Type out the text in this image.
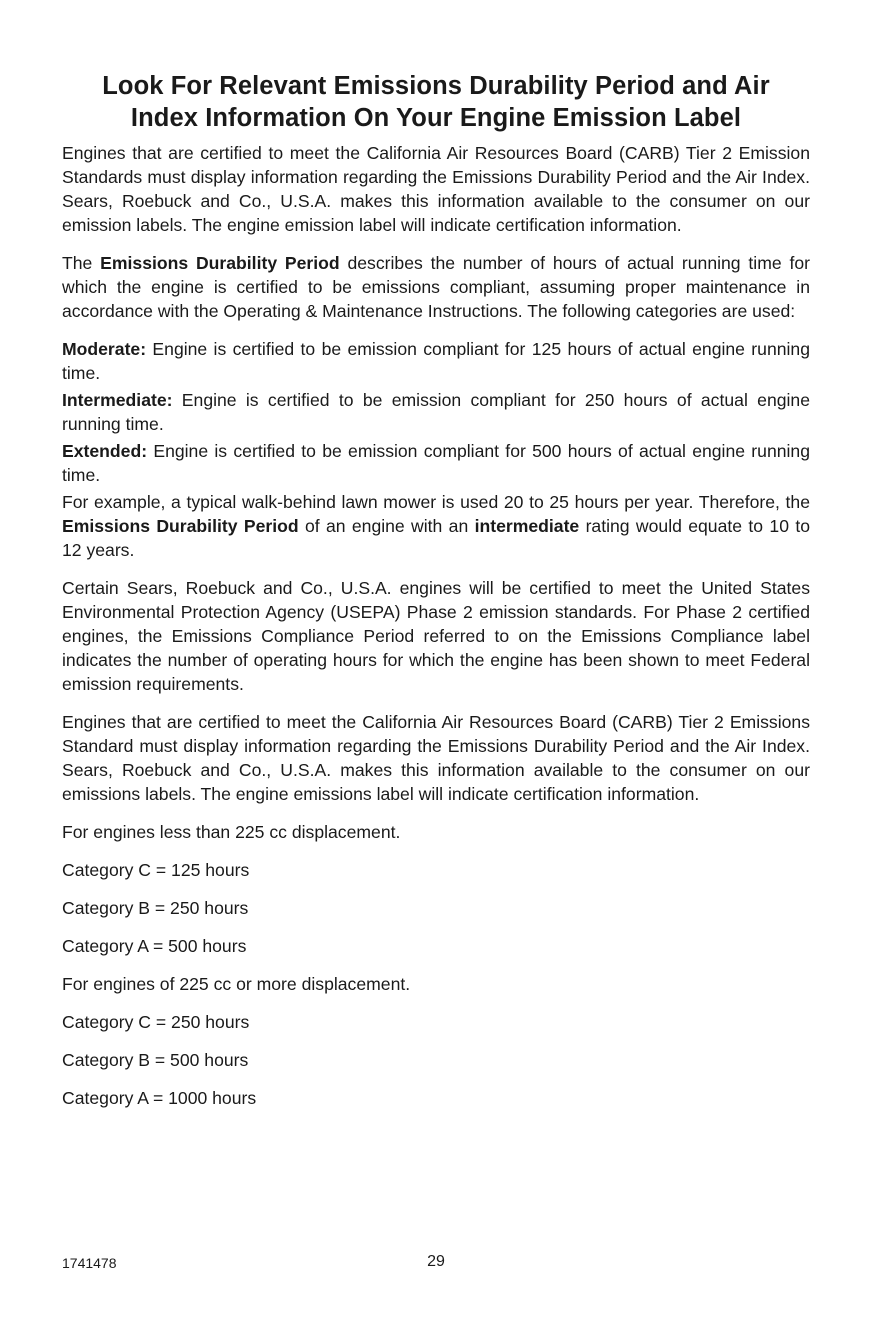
Look For Relevant Emissions Durability Period and Air
Index Information On Your Engine Emission Label

Engines that are certified to meet the California Air Resources Board (CARB) Tier 2 Emission Standards must display information regarding the Emissions Durability Period and the Air Index. Sears, Roebuck and Co., U.S.A. makes this information available to the consumer on our emission labels. The engine emission label will indicate certification information.

The Emissions Durability Period describes the number of hours of actual running time for which the engine is certified to be emissions compliant, assuming proper maintenance in accordance with the Operating & Maintenance Instructions. The following categories are used:

Moderate: Engine is certified to be emission compliant for 125 hours of actual engine running time.

Intermediate: Engine is certified to be emission compliant for 250 hours of actual engine running time.

Extended: Engine is certified to be emission compliant for 500 hours of actual engine running time.

For example, a typical walk-behind lawn mower is used 20 to 25 hours per year. Therefore, the Emissions Durability Period of an engine with an intermediate rating would equate to 10 to 12 years.

Certain Sears, Roebuck and Co., U.S.A. engines will be certified to meet the United States Environmental Protection Agency (USEPA) Phase 2 emission standards. For Phase 2 certified engines, the Emissions Compliance Period referred to on the Emissions Compliance label indicates the number of operating hours for which the engine has been shown to meet Federal emission requirements.

Engines that are certified to meet the California Air Resources Board (CARB) Tier 2 Emissions Standard must display information regarding the Emissions Durability Period and the Air Index. Sears, Roebuck and Co., U.S.A. makes this information available to the consumer on our emissions labels. The engine emissions label will indicate certification information.

For engines less than 225 cc displacement.

Category C = 125 hours

Category B = 250 hours

Category A = 500 hours

For engines of 225 cc or more displacement.

Category C = 250 hours

Category B = 500 hours

Category A = 1000 hours

1741478	29
